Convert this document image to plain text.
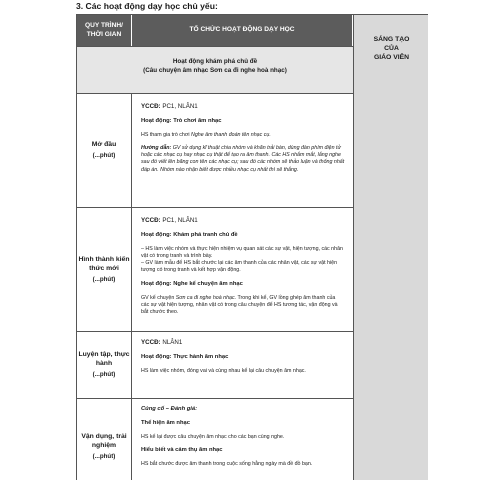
3. Các hoạt động dạy học chủ yếu:
QUY TRÌNH/
THỜI GIAN
TỔ CHỨC HOẠT ĐỘNG DẠY HỌC
SÁNG TẠO
CỦA
GIÁO VIÊN
Hoạt động khám phá chủ đề
(Câu chuyện âm nhạc Sơn ca đi nghe hoà nhạc)
Mở đầu
(...phút)
YCCĐ: PC1, NLÂN1
Hoạt động: Trò chơi âm nhạc

HS tham gia trò chơi Nghe âm thanh đoán tên nhạc cụ.

Hướng dẫn: GV sử dụng kĩ thuật chia nhóm và khăn trải bàn, dùng đàn phím điện tử hoặc các nhạc cụ hay nhạc cụ thật để tạo ra âm thanh. Các HS nhắm mắt, lắng nghe sau đó viết lên băng con tên các nhạc cụ; sau đó các nhóm sẽ thảo luận và thống nhất đáp án. Nhóm nào nhận biết được nhiều nhạc cụ nhất thì sẽ thắng.

Hình thành kiến thức mới
(...phút)
YCCĐ: PC1, NLÂN1
Hoạt động: Khám phá tranh chủ đề

– HS làm việc nhóm và thực hiện nhiệm vụ quan sát các sự vật, hiện tượng, các nhân vật có trong tranh và trình bày.
– GV làm mẫu để HS bắt chước lại các âm thanh của các nhân vật, các sự vật hiện tượng có trong tranh và kết hợp vận động.

Hoạt động: Nghe kể chuyện âm nhạc

GV kể chuyện Sơn ca đi nghe hoà nhạc. Trong khi kể, GV lồng ghép âm thanh của các sự vật hiện tượng, nhân vật có trong câu chuyện để HS tương tác, vận động và bắt chước theo.

Luyện tập, thực hành
(...phút)
YCCĐ: NLÂN1
Hoạt động: Thực hành âm nhạc

HS làm việc nhóm, đóng vai và cùng nhau kể lại câu chuyện âm nhạc.

Vận dụng, trải nghiệm
(...phút)

Củng cố – Đánh giá:

Thể hiện âm nhạc

HS kể lại được câu chuyện âm nhạc cho các bạn cùng nghe.

Hiểu biết và cảm thụ âm nhạc

HS bắt chước được âm thanh trong cuộc sống hằng ngày mà đề đồ bạn.
